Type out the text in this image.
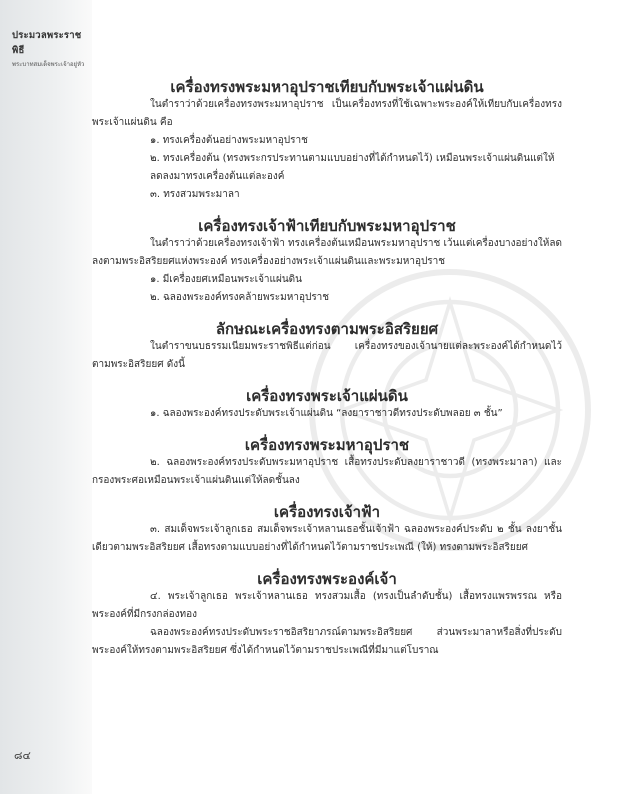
ประมวลพระราชพิธี
พระบาทสมเด็จพระเจ้าอยู่หัว
เครื่องทรงพระมหาอุปราชเทียบกับพระเจ้าแผ่นดิน

ในตำราว่าด้วยเครื่องทรงพระมหาอุปราช เป็นเครื่องทรงที่ใช้เฉพาะพระองค์ให้เทียบกับเครื่องทรงพระเจ้าแผ่นดิน คือ

๑. ทรงเครื่องต้นอย่างพระมหาอุปราช

๒. ทรงเครื่องต้น (ทรงพระกรประทานตามแบบอย่างที่ได้กำหนดไว้) เหมือนพระเจ้าแผ่นดินแต่ให้ลดลงมาทรงเครื่องต้นแต่ละองค์

๓. ทรงสวมพระมาลา

เครื่องทรงเจ้าฟ้าเทียบกับพระมหาอุปราช

ในตำราว่าด้วยเครื่องทรงเจ้าฟ้า ทรงเครื่องต้นเหมือนพระมหาอุปราช เว้นแต่เครื่องบางอย่างให้ลดลงตามพระอิสริยยศแห่งพระองค์ ทรงเครื่องอย่างพระเจ้าแผ่นดินและพระมหาอุปราช

๑. มีเครื่องยศเหมือนพระเจ้าแผ่นดิน

๒. ฉลองพระองค์ทรงคล้ายพระมหาอุปราช

ลักษณะเครื่องทรงตามพระอิสริยยศ

ในตำราขนบธรรมเนียมพระราชพิธีแต่ก่อน เครื่องทรงของเจ้านายแต่ละพระองค์ได้กำหนดไว้ตามพระอิสริยยศ ดังนี้

เครื่องทรงพระเจ้าแผ่นดิน

๑. ฉลองพระองค์ทรงประดับพระเจ้าแผ่นดิน “ลงยาราชาวดีทรงประดับพลอย ๓ ชั้น”

เครื่องทรงพระมหาอุปราช

๒. ฉลองพระองค์ทรงประดับพระมหาอุปราช เสื้อทรงประดับลงยาราชาวดี (ทรงพระมาลา) และกรองพระศอเหมือนพระเจ้าแผ่นดินแต่ให้ลดชั้นลง

เครื่องทรงเจ้าฟ้า

๓. สมเด็จพระเจ้าลูกเธอ สมเด็จพระเจ้าหลานเธอชั้นเจ้าฟ้า ฉลองพระองค์ประดับ ๒ ชั้น ลงยาชั้นเดียวตามพระอิสริยยศ เสื้อทรงตามแบบอย่างที่ได้กำหนดไว้ตามราชประเพณี (ให้) ทรงตามพระอิสริยยศ

เครื่องทรงพระองค์เจ้า

๔. พระเจ้าลูกเธอ พระเจ้าหลานเธอ ทรงสวมเสื้อ (ทรงเป็นลำดับชั้น) เสื้อทรงแพรพรรณ หรือพระองค์ที่มีกรงกล่องทอง

ฉลองพระองค์ทรงประดับพระราชอิสริยาภรณ์ตามพระอิสริยยศ ส่วนพระมาลาหรือสิ่งที่ประดับพระองค์ให้ทรงตามพระอิสริยยศ ซึ่งได้กำหนดไว้ตามราชประเพณีที่มีมาแต่โบราณ

๘๔
